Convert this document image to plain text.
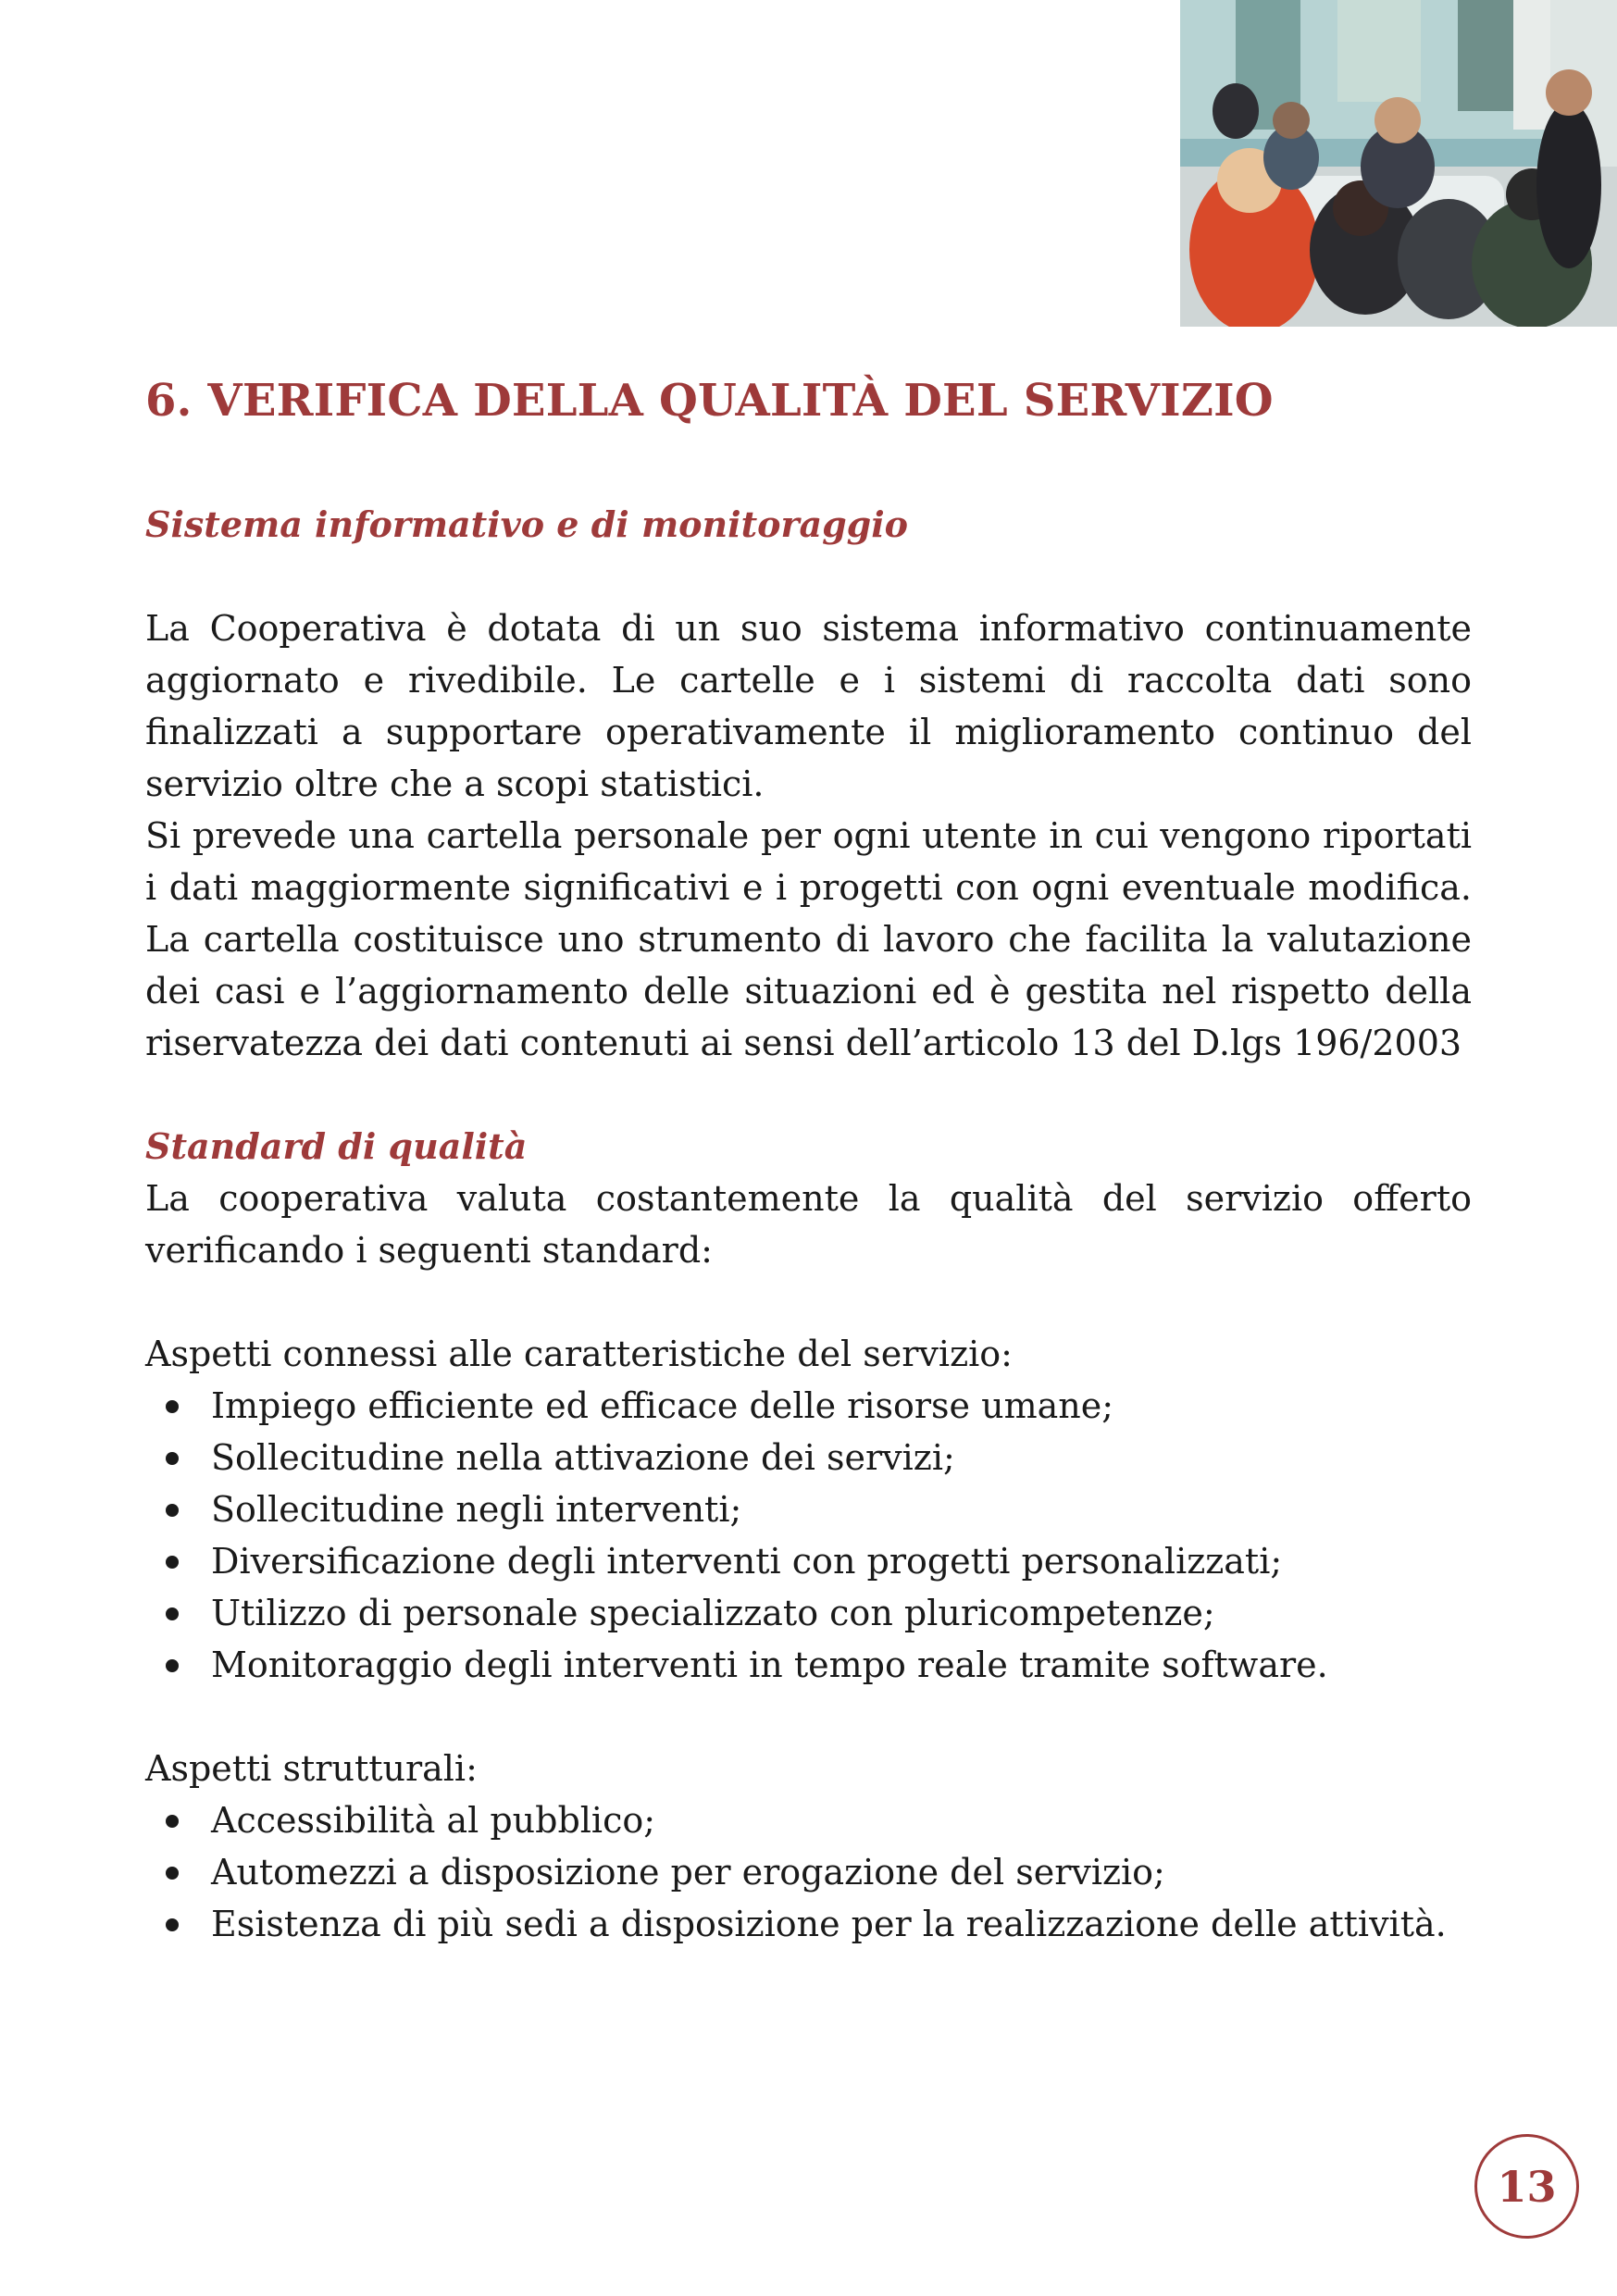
6. VERIFICA DELLA QUALITÀ DEL SERVIZIO
Sistema informativo e di monitoraggio

La Cooperativa è dotata di un suo sistema informativo continuamente aggiornato e rivedibile. Le cartelle e i sistemi di raccolta dati sono finalizzati a supportare operativamente il miglioramento continuo del servizio oltre che a scopi statistici.

Si prevede una cartella personale per ogni utente in cui vengono riportati i dati maggiormente significativi e i progetti con ogni eventuale modifica. La cartella costituisce uno strumento di lavoro che facilita la valutazione dei casi e l’aggiornamento delle situazioni ed è gestita nel rispetto della riservatezza dei dati contenuti ai sensi dell’articolo 13 del D.lgs 196/2003

Standard di qualità

La cooperativa valuta costantemente la qualità del servizio offerto verificando i seguenti standard:

Aspetti connessi alle caratteristiche del servizio:
Impiego efficiente ed efficace delle risorse umane;
Sollecitudine nella attivazione dei servizi;
Sollecitudine negli interventi;
Diversificazione degli interventi con progetti personalizzati;
Utilizzo di personale specializzato con pluricompetenze;
Monitoraggio degli interventi in tempo reale tramite software.
Aspetti strutturali:
Accessibilità al pubblico;
Automezzi a disposizione per erogazione del servizio;
Esistenza di più sedi a disposizione per la realizzazione delle attività.
13
